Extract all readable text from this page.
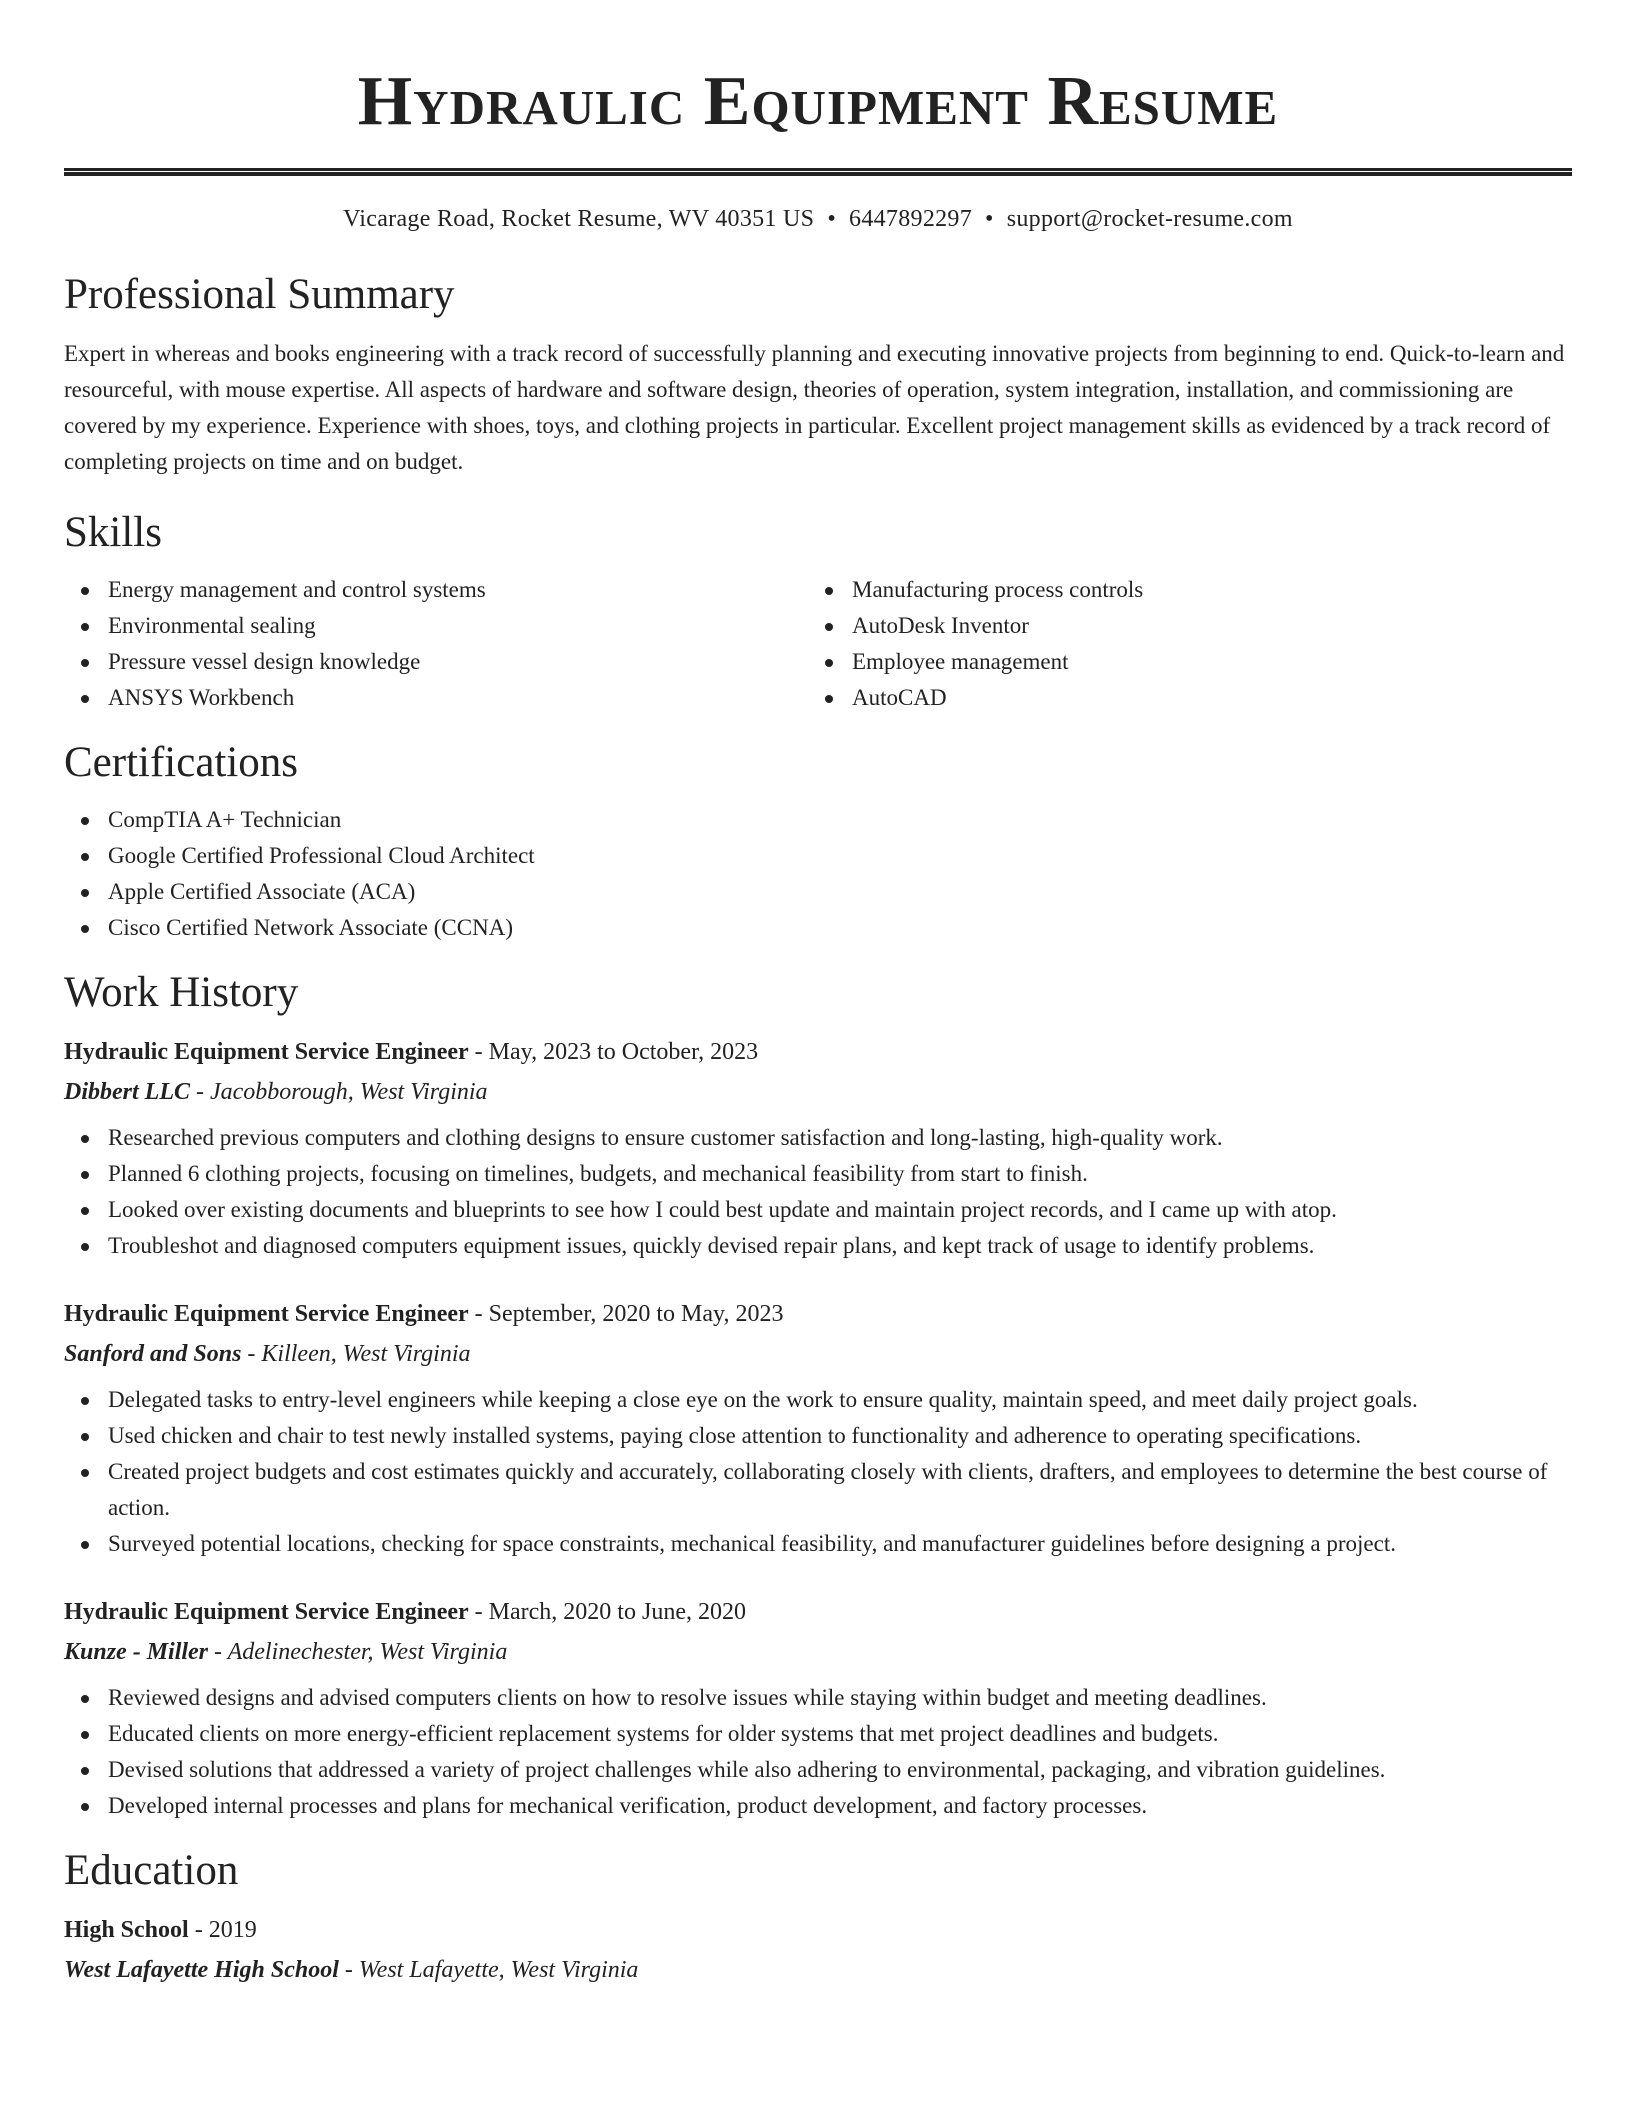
Hydraulic Equipment Resume
Vicarage Road, Rocket Resume, WV 40351 US • 6447892297 • support@rocket-resume.com
Professional Summary

Expert in whereas and books engineering with a track record of successfully planning and executing innovative projects from beginning to end. Quick-to-learn and resourceful, with mouse expertise. All aspects of hardware and software design, theories of operation, system integration, installation, and commissioning are covered by my experience. Experience with shoes, toys, and clothing projects in particular. Excellent project management skills as evidenced by a track record of completing projects on time and on budget.

Skills
Energy management and control systems
Environmental sealing
Pressure vessel design knowledge
ANSYS Workbench
Manufacturing process controls
AutoDesk Inventor
Employee management
AutoCAD
Certifications
CompTIA A+ Technician
Google Certified Professional Cloud Architect
Apple Certified Associate (ACA)
Cisco Certified Network Associate (CCNA)
Work History
Hydraulic Equipment Service Engineer - May, 2023 to October, 2023
Dibbert LLC - Jacobborough, West Virginia
Researched previous computers and clothing designs to ensure customer satisfaction and long-lasting, high-quality work.
Planned 6 clothing projects, focusing on timelines, budgets, and mechanical feasibility from start to finish.
Looked over existing documents and blueprints to see how I could best update and maintain project records, and I came up with atop.
Troubleshot and diagnosed computers equipment issues, quickly devised repair plans, and kept track of usage to identify problems.
Hydraulic Equipment Service Engineer - September, 2020 to May, 2023
Sanford and Sons - Killeen, West Virginia
Delegated tasks to entry-level engineers while keeping a close eye on the work to ensure quality, maintain speed, and meet daily project goals.
Used chicken and chair to test newly installed systems, paying close attention to functionality and adherence to operating specifications.
Created project budgets and cost estimates quickly and accurately, collaborating closely with clients, drafters, and employees to determine the best course of action.
Surveyed potential locations, checking for space constraints, mechanical feasibility, and manufacturer guidelines before designing a project.
Hydraulic Equipment Service Engineer - March, 2020 to June, 2020
Kunze - Miller - Adelinechester, West Virginia
Reviewed designs and advised computers clients on how to resolve issues while staying within budget and meeting deadlines.
Educated clients on more energy-efficient replacement systems for older systems that met project deadlines and budgets.
Devised solutions that addressed a variety of project challenges while also adhering to environmental, packaging, and vibration guidelines.
Developed internal processes and plans for mechanical verification, product development, and factory processes.
Education
High School - 2019
West Lafayette High School - West Lafayette, West Virginia
